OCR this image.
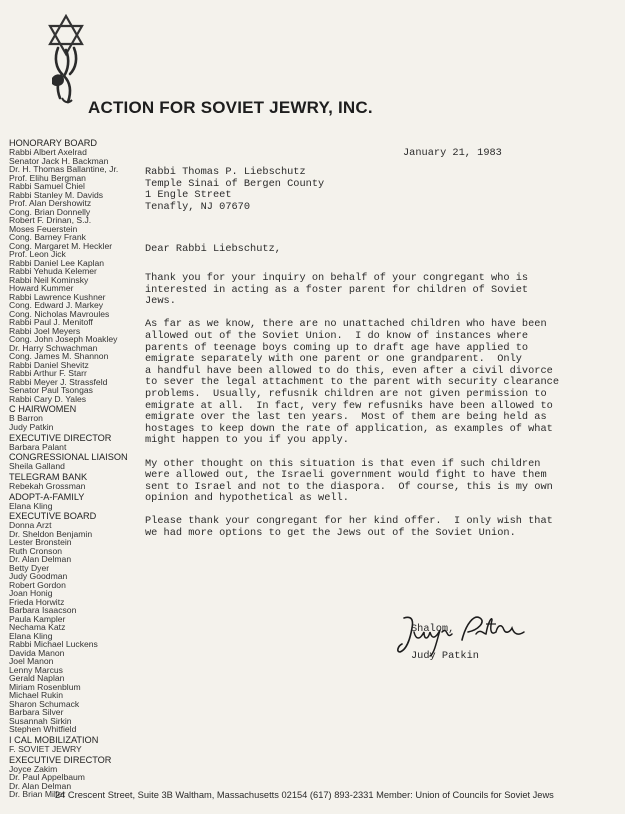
ACTION FOR SOVIET JEWRY, INC.
HONORARY BOARD
Rabbi Albert Axelrad
Senator Jack H. Backman
Dr. H. Thomas Ballantine, Jr.
Prof. Elihu Bergman
Rabbi Samuel Chiel
Rabbi Stanley M. Davids
Prof. Alan Dershowitz
Cong. Brian Donnelly
Robert F. Drinan, S.J.
Moses Feuerstein
Cong. Barney Frank
Cong. Margaret M. Heckler
Prof. Leon Jick
Rabbi Daniel Lee Kaplan
Rabbi Yehuda Kelemer
Rabbi Neil Kominsky
Howard Kummer
Rabbi Lawrence Kushner
Cong. Edward J. Markey
Cong. Nicholas Mavroules
Rabbi Paul J. Menitoff
Rabbi Joel Meyers
Cong. John Joseph Moakley
Dr. Harry Schwachman
Cong. James M. Shannon
Rabbi Daniel Shevitz
Rabbi Arthur F. Starr
Rabbi Meyer J. Strassfeld
Senator Paul Tsongas
Rabbi Cary D. Yales
C HAIRWOMEN
B Barron
Judy Patkin
EXECUTIVE DIRECTOR
Barbara Palant
CONGRESSIONAL LIAISON
Sheila Galland
TELEGRAM BANK
Rebekah Grossman
ADOPT-A-FAMILY
Elana Kling
EXECUTIVE BOARD
Donna Arzt
Dr. Sheldon Benjamin
Lester Bronstein
Ruth Cronson
Dr. Alan Delman
Betty Dyer
Judy Goodman
Robert Gordon
Joan Honig
Frieda Horwitz
Barbara Isaacson
Paula Kampler
Nechama Katz
Elana Kling
Rabbi Michael Luckens
Davida Manon
Joel Manon
Lenny Marcus
Gerald Naplan
Miriam Rosenblum
Michael Rukin
Sharon Schumack
Barbara Silver
Susannah Sirkin
Stephen Whitfield
I CAL MOBILIZATION
F. SOVIET JEWRY
EXECUTIVE DIRECTOR
Joyce Zakim
Dr. Paul Appelbaum
Dr. Alan Delman
Dr. Brian Miller
January 21, 1983
Rabbi Thomas P. Liebschutz
Temple Sinai of Bergen County
1 Engle Street
Tenafly, NJ 07670
Dear Rabbi Liebschutz,

Thank you for your inquiry on behalf of your congregant who is
interested in acting as a foster parent for children of Soviet
Jews.

As far as we know, there are no unattached children who have been
allowed out of the Soviet Union.  I do know of instances where
parents of teenage boys coming up to draft age have applied to
emigrate separately with one parent or one grandparent.  Only
a handful have been allowed to do this, even after a civil divorce
to sever the legal attachment to the parent with security clearance
problems.  Usually, refusnik children are not given permission to
emigrate at all.  In fact, very few refusniks have been allowed to
emigrate over the last ten years.  Most of them are being held as
hostages to keep down the rate of application, as examples of what
might happen to you if you apply.

My other thought on this situation is that even if such children
were allowed out, the Israeli government would fight to have them
sent to Israel and not to the diaspora.  Of course, this is my own
opinion and hypothetical as well.

Please thank your congregant for her kind offer.  I only wish that
we had more options to get the Jews out of the Soviet Union.

Shalom,
Judy Patkin
24 Crescent Street, Suite 3B Waltham, Massachusetts 02154 (617) 893-2331 Member: Union of Councils for Soviet Jews
